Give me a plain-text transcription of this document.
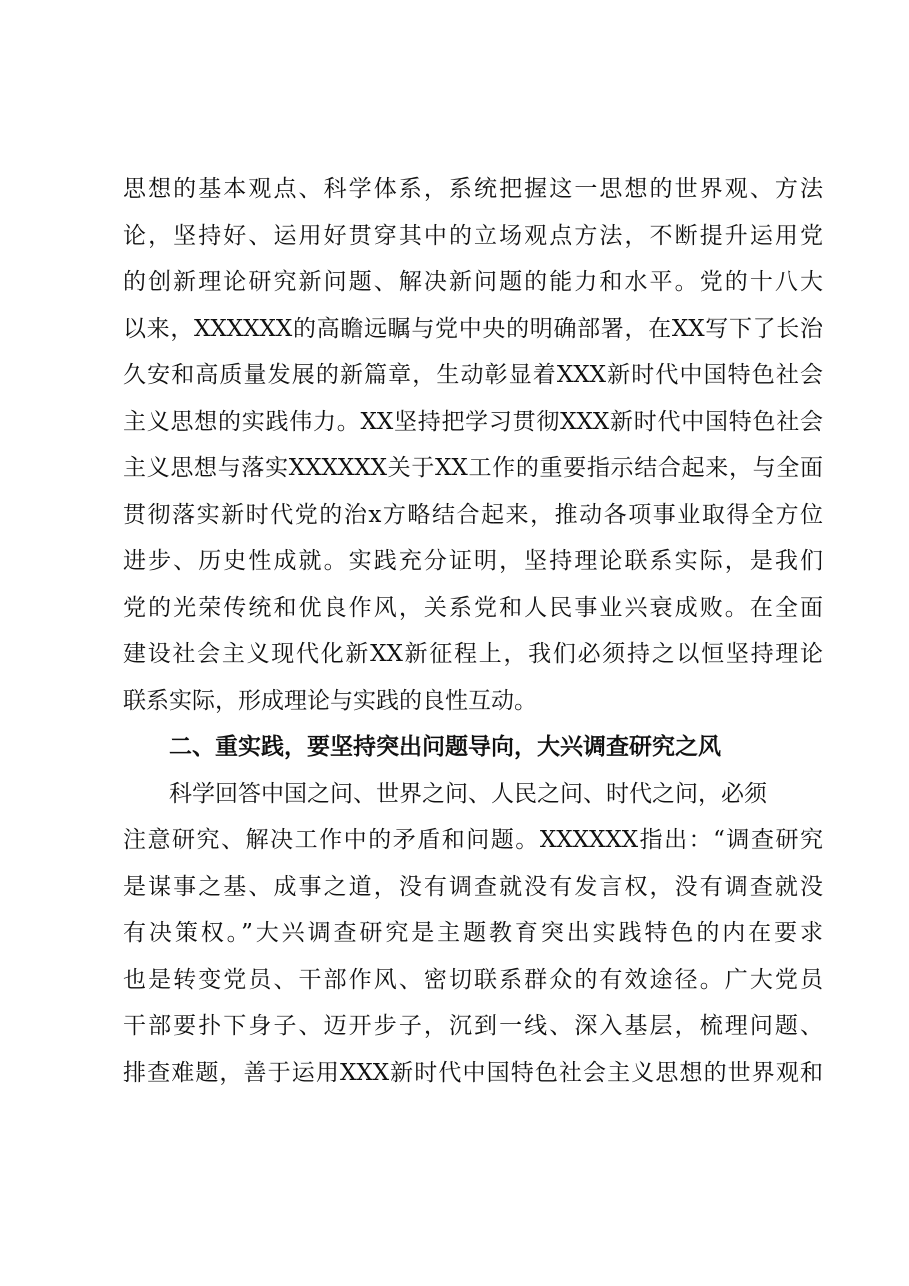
思想的基本观点、科学体系，系统把握这一思想的世界观、方法
论，坚持好、运用好贯穿其中的立场观点方法，不断提升运用党
的创新理论研究新问题、解决新问题的能力和水平。党的十八大
以来，XXXXXX的高瞻远瞩与党中央的明确部署，在XX写下了长治
久安和高质量发展的新篇章，生动彰显着XXX新时代中国特色社会
主义思想的实践伟力。XX坚持把学习贯彻XXX新时代中国特色社会
主义思想与落实XXXXXX关于XX工作的重要指示结合起来，与全面
贯彻落实新时代党的治x方略结合起来，推动各项事业取得全方位
进步、历史性成就。实践充分证明，坚持理论联系实际，是我们
党的光荣传统和优良作风，关系党和人民事业兴衰成败。在全面
建设社会主义现代化新XX新征程上，我们必须持之以恒坚持理论
联系实际，形成理论与实践的良性互动。
二、重实践，要坚持突出问题导向，大兴调查研究之风
科学回答中国之问、世界之问、人民之问、时代之问，必须
注意研究、解决工作中的矛盾和问题。XXXXXX指出：“调查研究
是谋事之基、成事之道，没有调查就没有发言权，没有调查就没
有决策权。”大兴调查研究是主题教育突出实践特色的内在要求
也是转变党员、干部作风、密切联系群众的有效途径。广大党员
干部要扑下身子、迈开步子，沉到一线、深入基层，梳理问题、
排查难题，善于运用XXX新时代中国特色社会主义思想的世界观和
